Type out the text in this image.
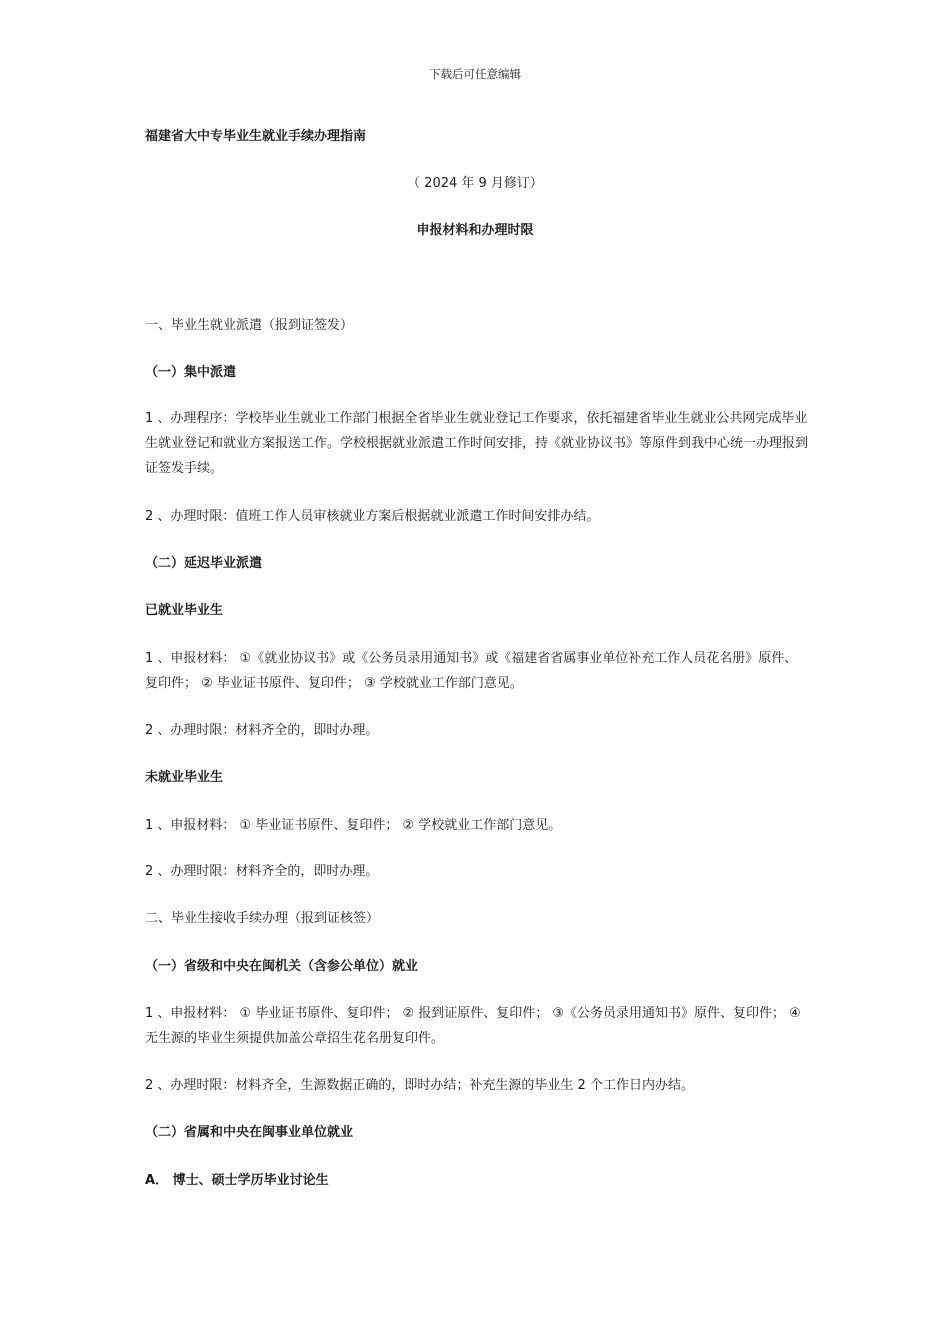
下载后可任意编辑
福建省大中专毕业生就业手续办理指南
（ 2024 年 9 月修订）
申报材料和办理时限
一、毕业生就业派遣（报到证签发）
（一）集中派遣
1 、办理程序：学校毕业生就业工作部门根据全省毕业生就业登记工作要求，依托福建省毕业生就业公共网完成毕业生就业登记和就业方案报送工作。学校根据就业派遣工作时间安排，持《就业协议书》等原件到我中心统一办理报到证签发手续。
2 、办理时限：值班工作人员审核就业方案后根据就业派遣工作时间安排办结。
（二）延迟毕业派遣
已就业毕业生
1 、申报材料： ①《就业协议书》或《公务员录用通知书》或《福建省省属事业单位补充工作人员花名册》原件、复印件； ② 毕业证书原件、复印件； ③ 学校就业工作部门意见。
2 、办理时限：材料齐全的，即时办理。
未就业毕业生
1 、申报材料： ① 毕业证书原件、复印件； ② 学校就业工作部门意见。
2 、办理时限：材料齐全的，即时办理。
二、毕业生接收手续办理（报到证核签）
（一）省级和中央在闽机关（含参公单位）就业
1 、申报材料： ① 毕业证书原件、复印件； ② 报到证原件、复印件； ③《公务员录用通知书》原件、复印件； ④ 无生源的毕业生须提供加盖公章招生花名册复印件。
2 、办理时限：材料齐全，生源数据正确的，即时办结；补充生源的毕业生 2 个工作日内办结。
（二）省属和中央在闽事业单位就业
A． 博士、硕士学历毕业讨论生
